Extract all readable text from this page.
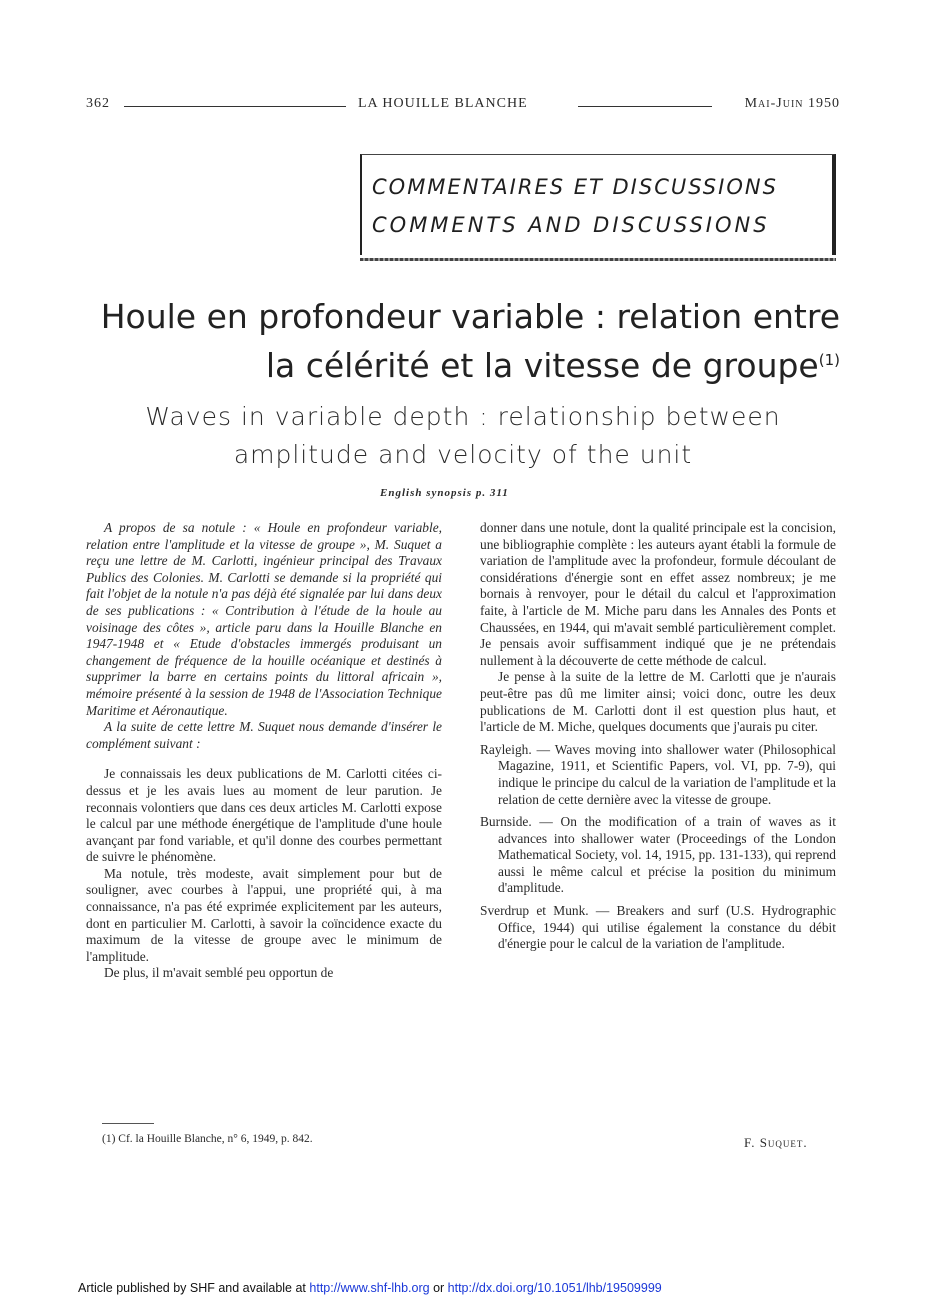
362	LA HOUILLE BLANCHE	Mai-Juin 1950
COMMENTAIRES ET DISCUSSIONS
COMMENTS AND DISCUSSIONS
Houle en profondeur variable : relation entre
la célérité et la vitesse de groupe$^{(1)}$
Waves in variable depth : relationship between
amplitude and velocity of the unit
English synopsis p. 311

A propos de sa notule : « Houle en profondeur variable, relation entre l'amplitude et la vitesse de groupe », M. Suquet a reçu une lettre de M. Carlotti, ingénieur principal des Travaux Publics des Colonies. M. Carlotti se demande si la propriété qui fait l'objet de la notule n'a pas déjà été signalée par lui dans deux de ses publications : « Contribution à l'étude de la houle au voisinage des côtes », article paru dans la Houille Blanche en 1947-1948 et « Etude d'obstacles immergés produisant un changement de fréquence de la houille océanique et destinés à supprimer la barre en certains points du littoral africain », mémoire présenté à la session de 1948 de l'Association Technique Maritime et Aéronautique.

A la suite de cette lettre M. Suquet nous demande d'insérer le complément suivant :

Je connaissais les deux publications de M. Carlotti citées ci-dessus et je les avais lues au moment de leur parution. Je reconnais volontiers que dans ces deux articles M. Carlotti expose le calcul par une méthode énergétique de l'amplitude d'une houle avançant par fond variable, et qu'il donne des courbes permettant de suivre le phénomène.

Ma notule, très modeste, avait simplement pour but de souligner, avec courbes à l'appui, une propriété qui, à ma connaissance, n'a pas été exprimée explicitement par les auteurs, dont en particulier M. Carlotti, à savoir la coïncidence exacte du maximum de la vitesse de groupe avec le minimum de l'amplitude.

De plus, il m'avait semblé peu opportun de

donner dans une notule, dont la qualité principale est la concision, une bibliographie complète : les auteurs ayant établi la formule de variation de l'amplitude avec la profondeur, formule découlant de considérations d'énergie sont en effet assez nombreux; je me bornais à renvoyer, pour le détail du calcul et l'approximation faite, à l'article de M. Miche paru dans les Annales des Ponts et Chaussées, en 1944, qui m'avait semblé particulièrement complet. Je pensais avoir suffisamment indiqué que je ne prétendais nullement à la découverte de cette méthode de calcul.

Je pense à la suite de la lettre de M. Carlotti que je n'aurais peut-être pas dû me limiter ainsi; voici donc, outre les deux publications de M. Carlotti dont il est question plus haut, et l'article de M. Miche, quelques documents que j'aurais pu citer.

Rayleigh. — Waves moving into shallower water (Philosophical Magazine, 1911, et Scientific Papers, vol. VI, pp. 7-9), qui indique le principe du calcul de la variation de l'amplitude et la relation de cette dernière avec la vitesse de groupe.

Burnside. — On the modification of a train of waves as it advances into shallower water (Proceedings of the London Mathematical Society, vol. 14, 1915, pp. 131-133), qui reprend aussi le même calcul et précise la position du minimum d'amplitude.

Sverdrup et Munk. — Breakers and surf (U.S. Hydrographic Office, 1944) qui utilise également la constance du débit d'énergie pour le calcul de la variation de l'amplitude.

(1) Cf. la Houille Blanche, n° 6, 1949, p. 842.	F. Suquet.
Article published by SHF and available at http://www.shf-lhb.org or http://dx.doi.org/10.1051/lhb/19509999
